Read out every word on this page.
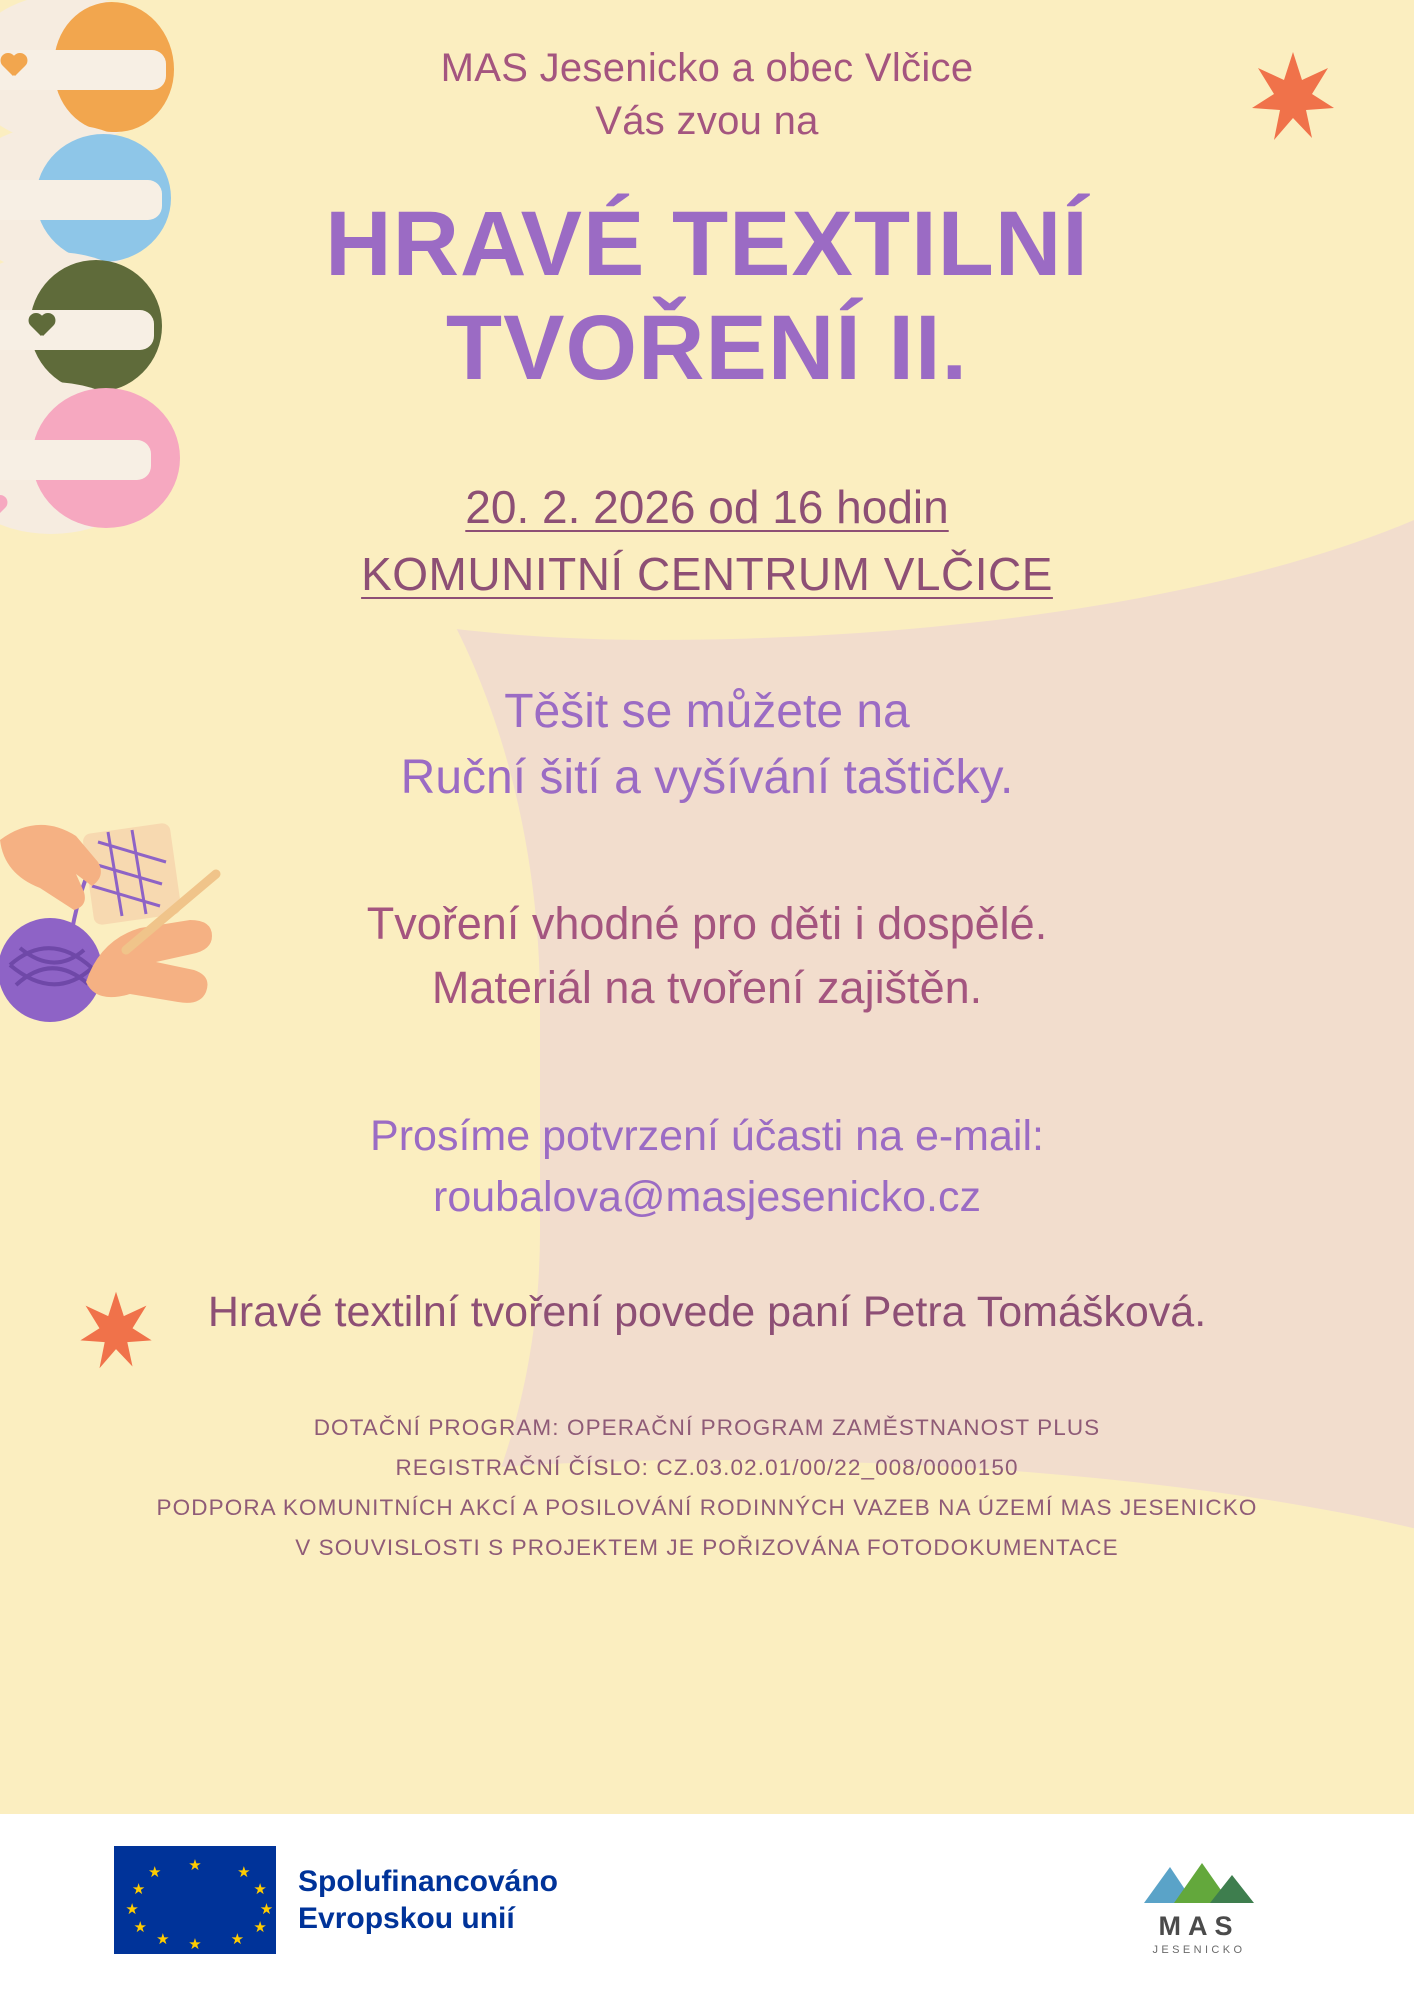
MAS Jesenicko a obec Vlčice
Vás zvou na
HRAVÉ TEXTILNÍ
TVOŘENÍ II.
20. 2. 2026 od 16 hodin
KOMUNITNÍ CENTRUM VLČICE
Těšit se můžete na
Ruční šití a vyšívání taštičky.
Tvoření vhodné pro děti i dospělé.
Materiál na tvoření zajištěn.
Prosíme potvrzení účasti na e-mail:
roubalova@masjesenicko.cz
Hravé textilní tvoření povede paní Petra Tomášková.
DOTAČNÍ PROGRAM: OPERAČNÍ PROGRAM ZAMĚSTNANOST PLUS
REGISTRAČNÍ ČÍSLO: CZ.03.02.01/00/22_008/0000150
PODPORA KOMUNITNÍCH AKCÍ A POSILOVÁNÍ RODINNÝCH VAZEB NA ÚZEMÍ MAS JESENICKO
V SOUVISLOSTI S PROJEKTEM JE POŘIZOVÁNA FOTODOKUMENTACE
★ ★
★
★
★
★
★
★
★
★
★
★	Spolufinancováno
Evropskou unií	MAS
JESENICKO
